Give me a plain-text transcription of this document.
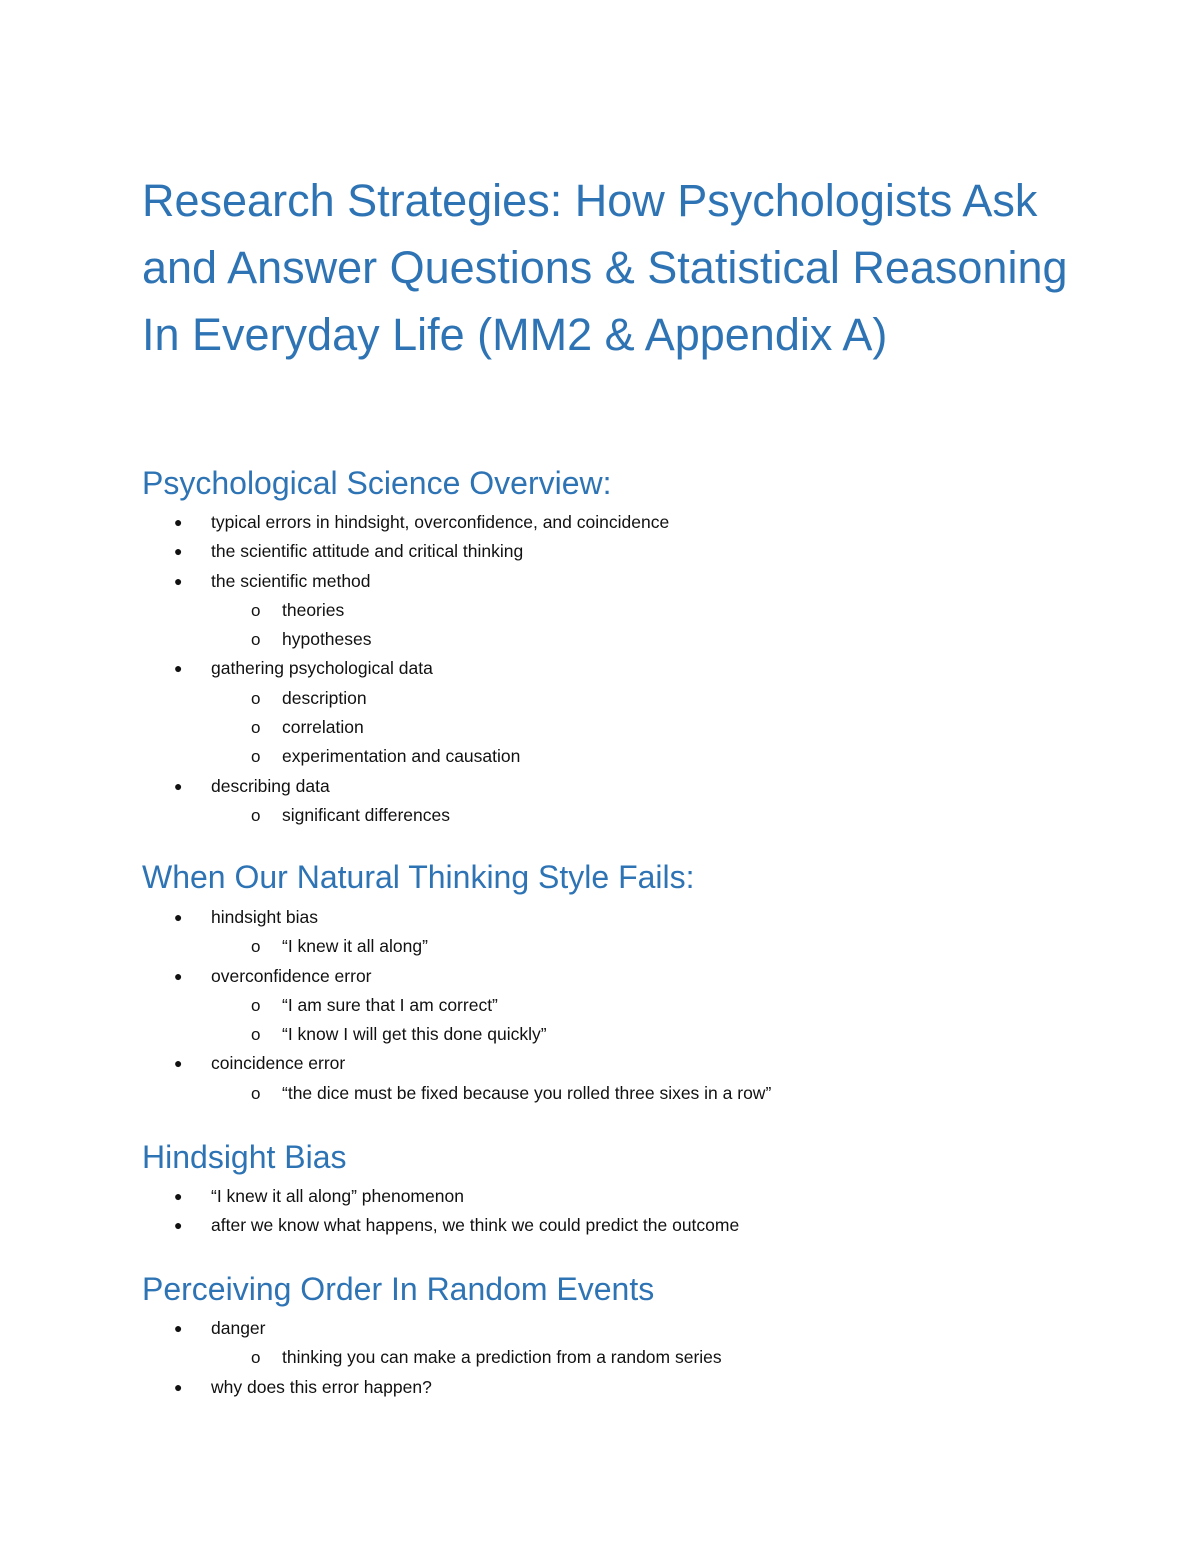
Research Strategies: How Psychologists Ask and Answer Questions & Statistical Reasoning In Everyday Life (MM2 & Appendix A)
Psychological Science Overview:
● typical errors in hindsight, overconfidence, and coincidence
● the scientific attitude and critical thinking
● the scientific method
o theories
o hypotheses
● gathering psychological data
o description
o correlation
o experimentation and causation
● describing data
o significant differences
When Our Natural Thinking Style Fails:
● hindsight bias
o “I knew it all along”
● overconfidence error
o “I am sure that I am correct”
o “I know I will get this done quickly”
● coincidence error
o “the dice must be fixed because you rolled three sixes in a row”
Hindsight Bias
● “I knew it all along” phenomenon
● after we know what happens, we think we could predict the outcome
Perceiving Order In Random Events
● danger
o thinking you can make a prediction from a random series
● why does this error happen?
